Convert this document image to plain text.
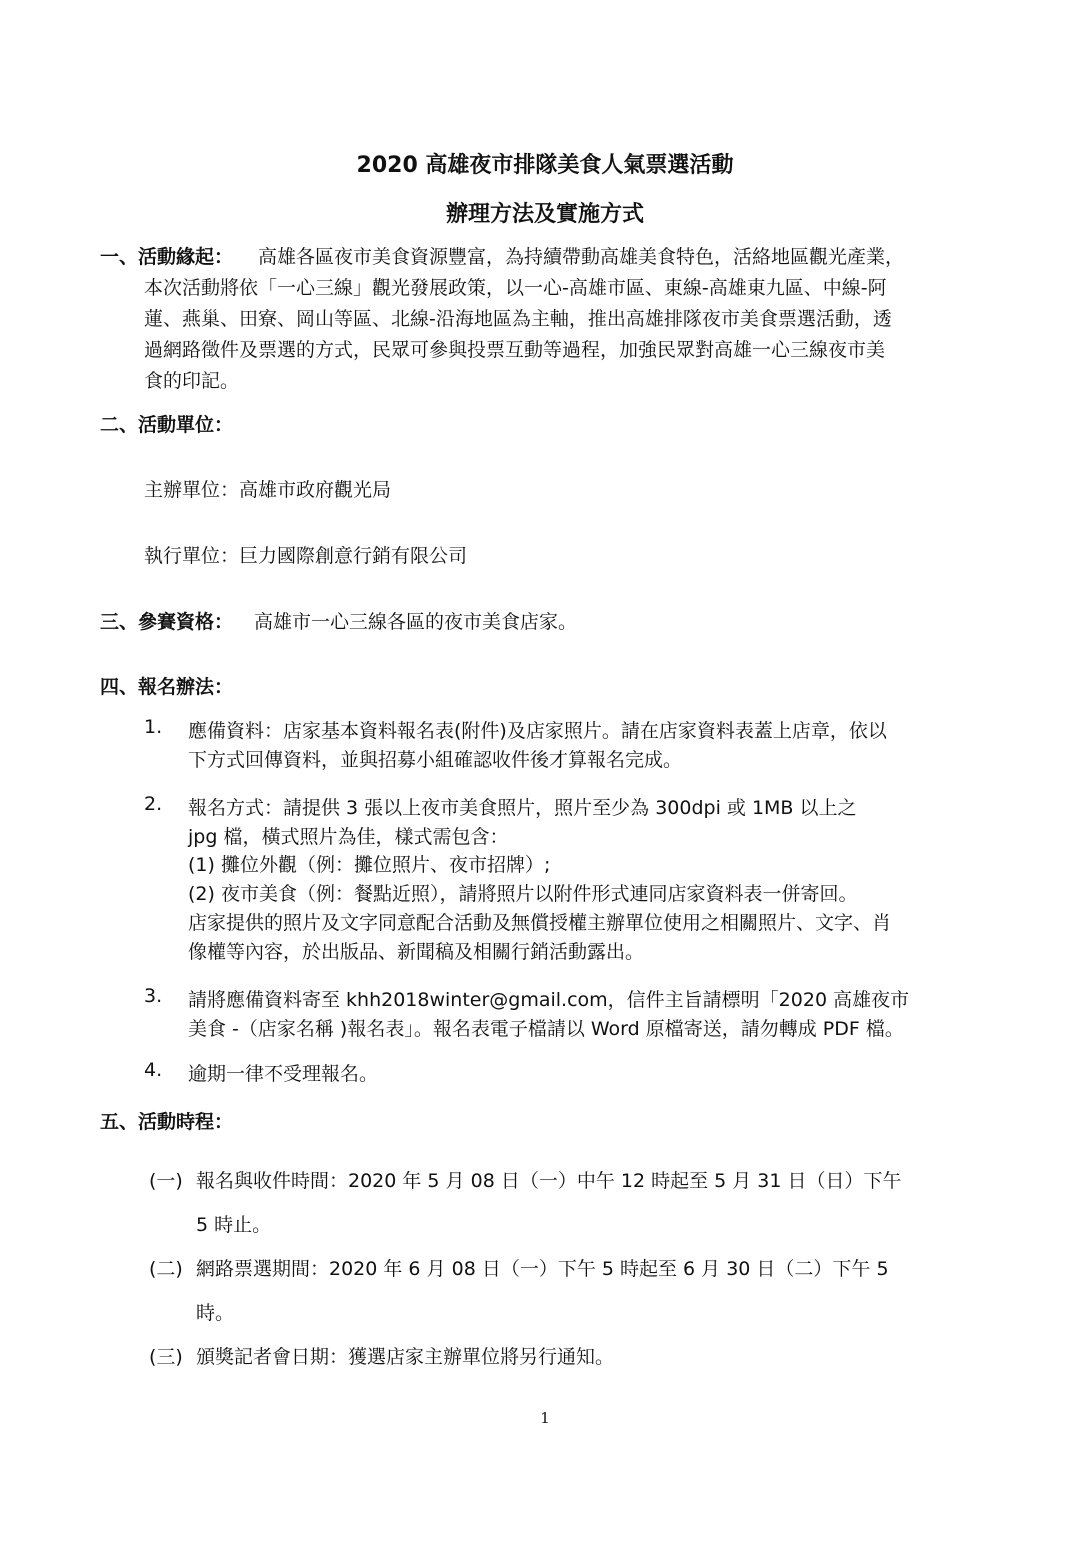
2020 高雄夜市排隊美食人氣票選活動
辦理方法及實施方式
一、活動緣起： 高雄各區夜市美食資源豐富，為持續帶動高雄美食特色，活絡地區觀光產業，
本次活動將依「一心三線」觀光發展政策，以一心-高雄市區、東線-高雄東九區、中線-阿
蓮、燕巢、田寮、岡山等區、北線-沿海地區為主軸，推出高雄排隊夜市美食票選活動，透
過網路徵件及票選的方式，民眾可參與投票互動等過程，加強民眾對高雄一心三線夜市美
食的印記。
二、活動單位：
主辦單位：高雄市政府觀光局
執行單位：巨力國際創意行銷有限公司
三、參賽資格： 高雄市一心三線各區的夜市美食店家。
四、報名辦法：
1. 應備資料：店家基本資料報名表(附件)及店家照片。請在店家資料表蓋上店章，依以
下方式回傳資料，並與招募小組確認收件後才算報名完成。
2. 報名方式：請提供 3 張以上夜市美食照片，照片至少為 300dpi 或 1MB 以上之
jpg 檔，橫式照片為佳，樣式需包含：
(1) 攤位外觀（例：攤位照片、夜市招牌）;
(2) 夜市美食（例：餐點近照），請將照片以附件形式連同店家資料表一併寄回。
店家提供的照片及文字同意配合活動及無償授權主辦單位使用之相關照片、文字、肖
像權等內容，於出版品、新聞稿及相關行銷活動露出。
3. 請將應備資料寄至 khh2018winter@gmail.com，信件主旨請標明「2020 高雄夜市
美食 -（店家名稱 )報名表」。報名表電子檔請以 Word 原檔寄送，請勿轉成 PDF 檔。
4. 逾期一律不受理報名。
五、活動時程：
(一) 報名與收件時間：2020 年 5 月 08 日（一）中午 12 時起至 5 月 31 日（日）下午
5 時止。
(二) 網路票選期間：2020 年 6 月 08 日（一）下午 5 時起至 6 月 30 日（二）下午 5
時。
(三) 頒獎記者會日期：獲選店家主辦單位將另行通知。
1
